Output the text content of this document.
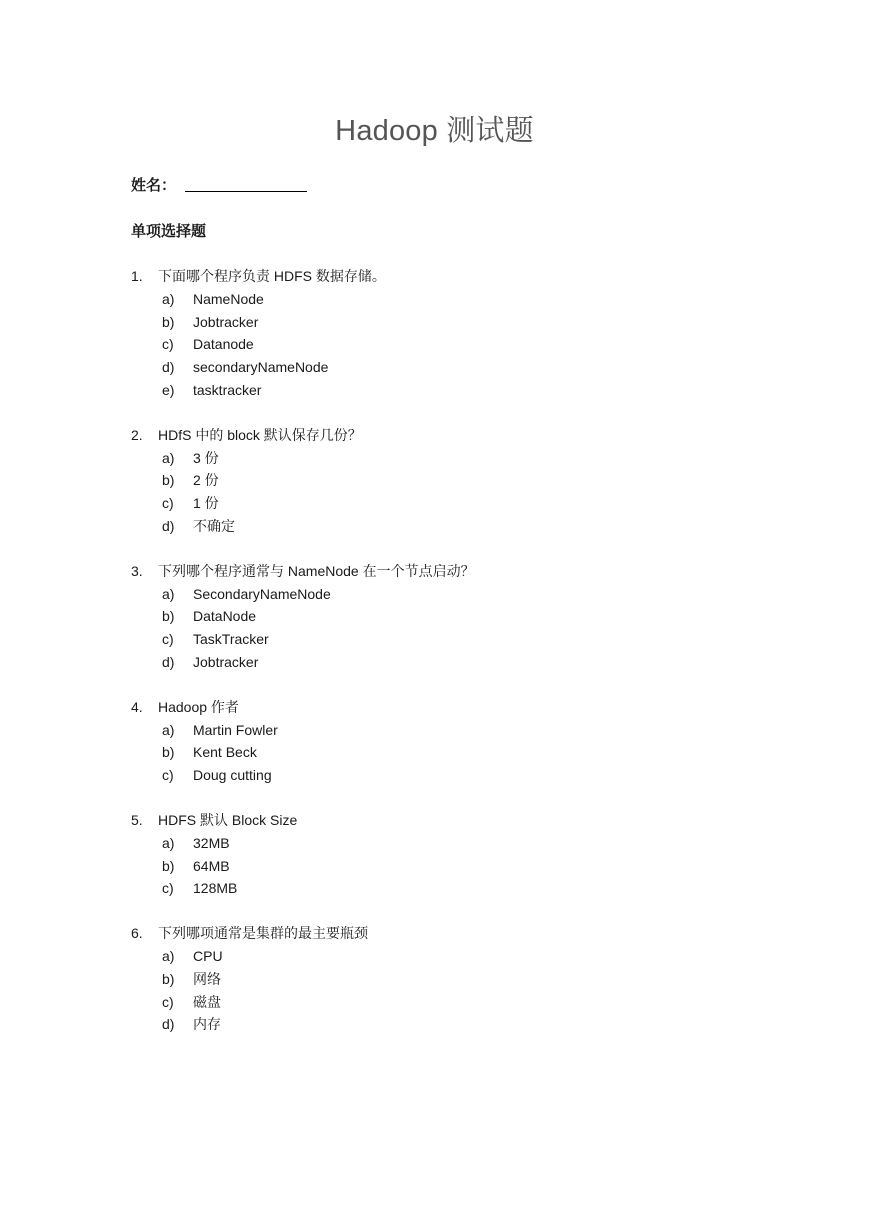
Hadoop 测试题
姓名：
单项选择题
1. 下面哪个程序负责 HDFS 数据存储。
a) NameNode
b) Jobtracker
c) Datanode
d) secondaryNameNode
e) tasktracker
2. HDfS 中的 block 默认保存几份？
a) 3 份
b) 2 份
c) 1 份
d) 不确定
3. 下列哪个程序通常与 NameNode 在一个节点启动？
a) SecondaryNameNode
b) DataNode
c) TaskTracker
d) Jobtracker
4. Hadoop 作者
a) Martin Fowler
b) Kent Beck
c) Doug cutting
5. HDFS 默认 Block Size
a) 32MB
b) 64MB
c) 128MB
6. 下列哪项通常是集群的最主要瓶颈
a) CPU
b) 网络
c) 磁盘
d) 内存
